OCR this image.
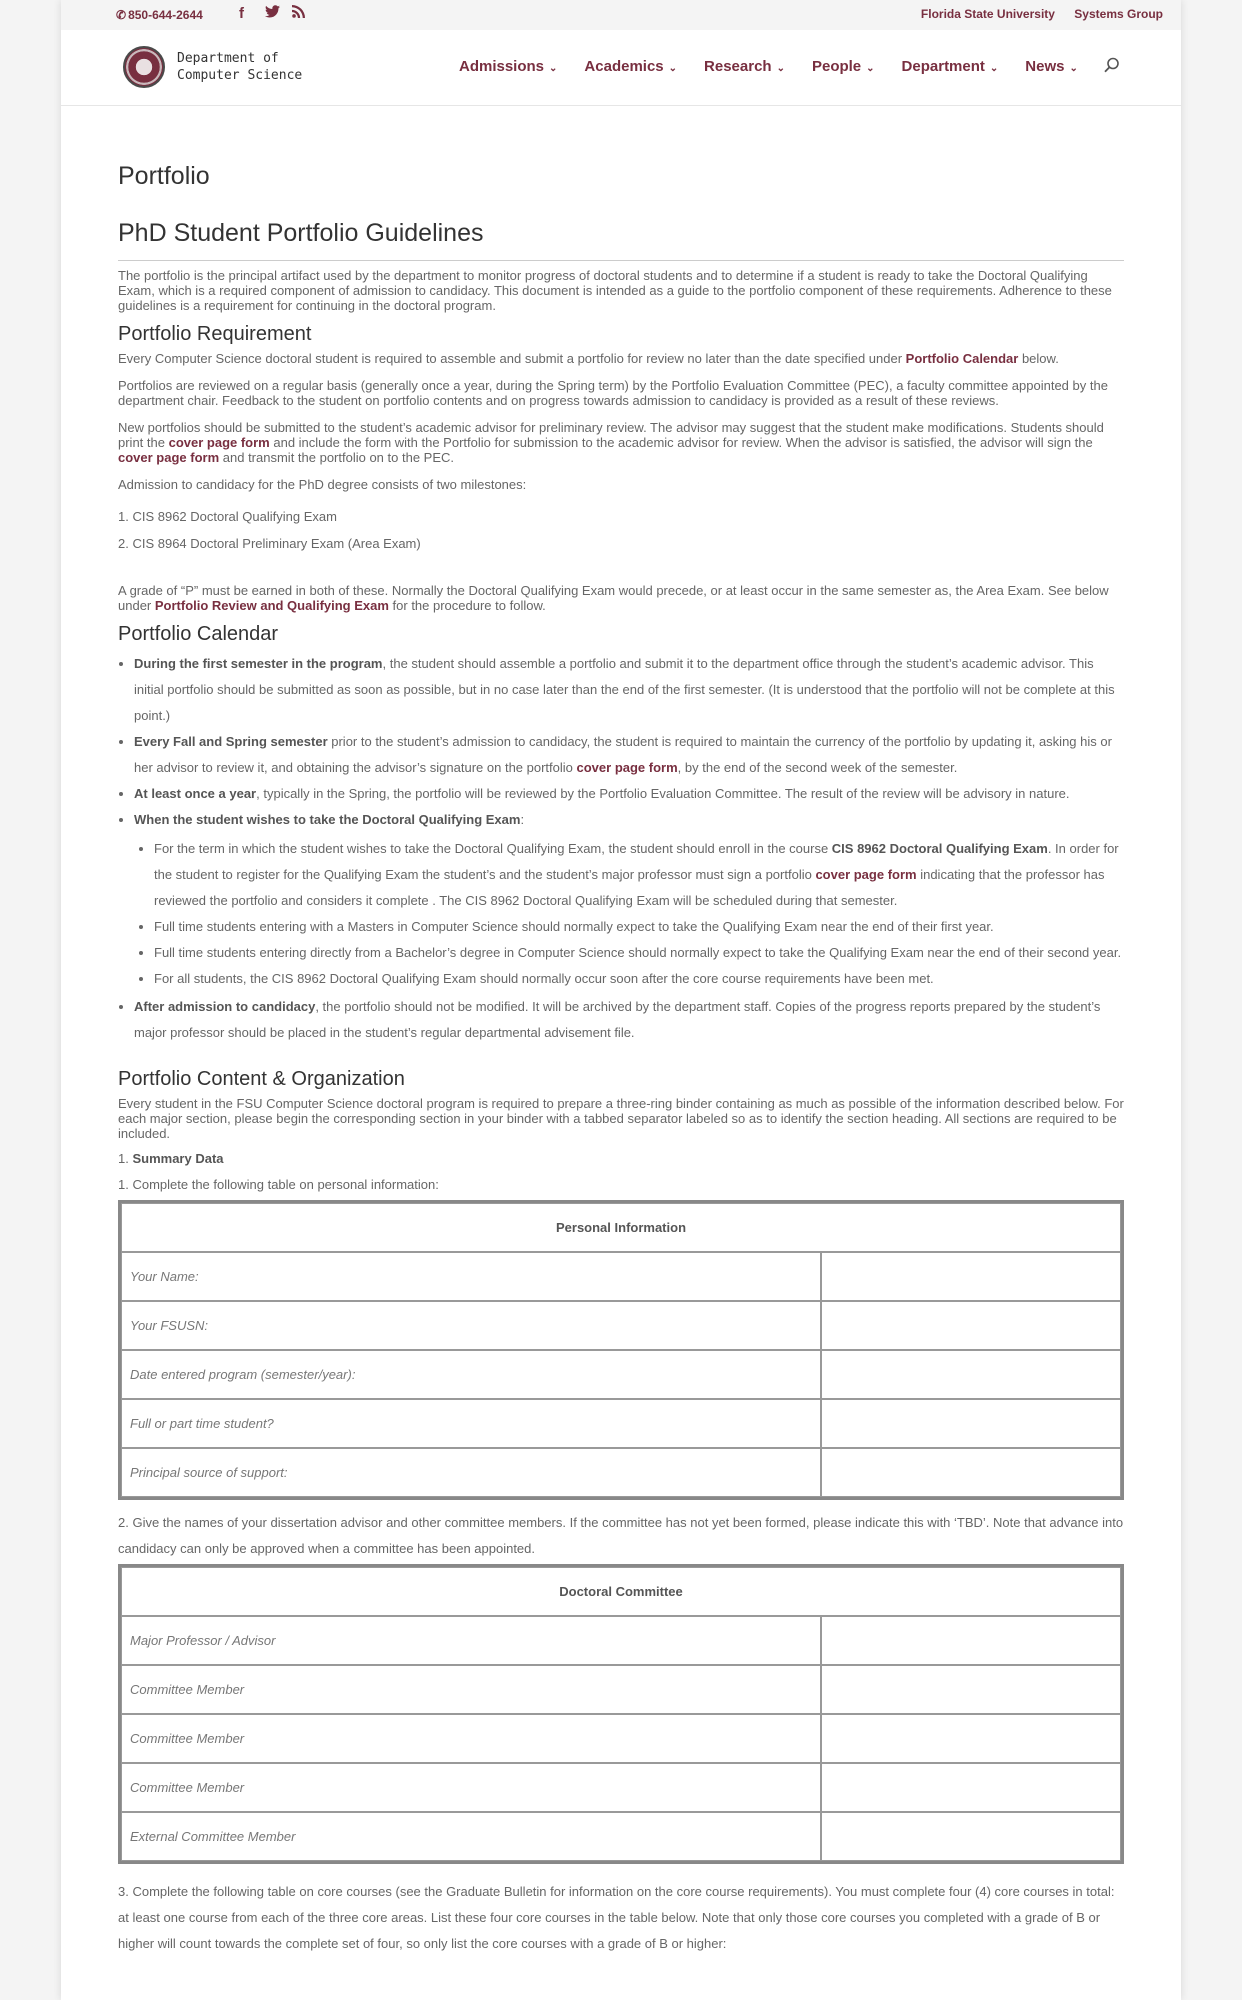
✆ 850-644-2644 f	Florida State University Systems Group
Department of
Computer Science
Admissions ⌄ Academics ⌄ Research ⌄ People ⌄ Department ⌄ News ⌄
Portfolio
PhD Student Portfolio Guidelines

The portfolio is the principal artifact used by the department to monitor progress of doctoral students and to determine if a student is ready to take the Doctoral Qualifying Exam, which is a required component of admission to candidacy. This document is intended as a guide to the portfolio component of these requirements. Adherence to these guidelines is a requirement for continuing in the doctoral program.

Portfolio Requirement

Every Computer Science doctoral student is required to assemble and submit a portfolio for review no later than the date specified under Portfolio Calendar below.

Portfolios are reviewed on a regular basis (generally once a year, during the Spring term) by the Portfolio Evaluation Committee (PEC), a faculty committee appointed by the department chair. Feedback to the student on portfolio contents and on progress towards admission to candidacy is provided as a result of these reviews.

New portfolios should be submitted to the student’s academic advisor for preliminary review. The advisor may suggest that the student make modifications. Students should print the cover page form and include the form with the Portfolio for submission to the academic advisor for review. When the advisor is satisfied, the advisor will sign the cover page form and transmit the portfolio on to the PEC.

Admission to candidacy for the PhD degree consists of two milestones:

1. CIS 8962 Doctoral Qualifying Exam

2. CIS 8964 Doctoral Preliminary Exam (Area Exam)

A grade of “P” must be earned in both of these. Normally the Doctoral Qualifying Exam would precede, or at least occur in the same semester as, the Area Exam. See below under Portfolio Review and Qualifying Exam for the procedure to follow.

Portfolio Calendar
• During the first semester in the program, the student should assemble a portfolio and submit it to the department office through the student’s academic advisor. This initial portfolio should be submitted as soon as possible, but in no case later than the end of the first semester. (It is understood that the portfolio will not be complete at this point.)
• Every Fall and Spring semester prior to the student’s admission to candidacy, the student is required to maintain the currency of the portfolio by updating it, asking his or her advisor to review it, and obtaining the advisor’s signature on the portfolio cover page form, by the end of the second week of the semester.
• At least once a year, typically in the Spring, the portfolio will be reviewed by the Portfolio Evaluation Committee. The result of the review will be advisory in nature.
• When the student wishes to take the Doctoral Qualifying Exam:
• For the term in which the student wishes to take the Doctoral Qualifying Exam, the student should enroll in the course CIS 8962 Doctoral Qualifying Exam. In order for the student to register for the Qualifying Exam the student’s and the student’s major professor must sign a portfolio cover page form indicating that the professor has reviewed the portfolio and considers it complete . The CIS 8962 Doctoral Qualifying Exam will be scheduled during that semester.
• Full time students entering with a Masters in Computer Science should normally expect to take the Qualifying Exam near the end of their first year.
• Full time students entering directly from a Bachelor’s degree in Computer Science should normally expect to take the Qualifying Exam near the end of their second year.
• For all students, the CIS 8962 Doctoral Qualifying Exam should normally occur soon after the core course requirements have been met.
• After admission to candidacy, the portfolio should not be modified. It will be archived by the department staff. Copies of the progress reports prepared by the student’s major professor should be placed in the student’s regular departmental advisement file.
Portfolio Content & Organization

Every student in the FSU Computer Science doctoral program is required to prepare a three-ring binder containing as much as possible of the information described below. For each major section, please begin the corresponding section in your binder with a tabbed separator labeled so as to identify the section heading. All sections are required to be included.

1. Summary Data

1. Complete the following table on personal information:

Personal Information	
Your Name:	
Your FSUSN:	
Date entered program (semester/year):	
Full or part time student?	
Principal source of support:	

2. Give the names of your dissertation advisor and other committee members. If the committee has not yet been formed, please indicate this with ‘TBD’. Note that advance into candidacy can only be approved when a committee has been appointed.

Doctoral Committee	
Major Professor / Advisor	
Committee Member	
Committee Member	
Committee Member	
External Committee Member	

3. Complete the following table on core courses (see the Graduate Bulletin for information on the core course requirements). You must complete four (4) core courses in total: at least one course from each of the three core areas. List these four core courses in the table below. Note that only those core courses you completed with a grade of B or higher will count towards the complete set of four, so only list the core courses with a grade of B or higher:
